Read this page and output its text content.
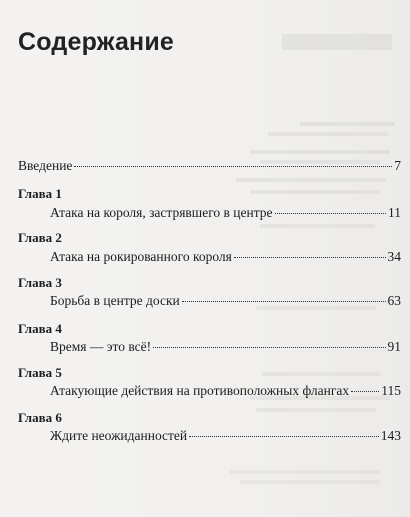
Содержание
Введение	7
Глава 1
Атака на короля, застрявшего в центре	11
Глава 2
Атака на рокированного короля	34
Глава 3
Борьба в центре доски	63
Глава 4
Время — это всё!	91
Глава 5
Атакующие действия на противоположных флангах 115
Глава 6
Ждите неожиданностей	143
